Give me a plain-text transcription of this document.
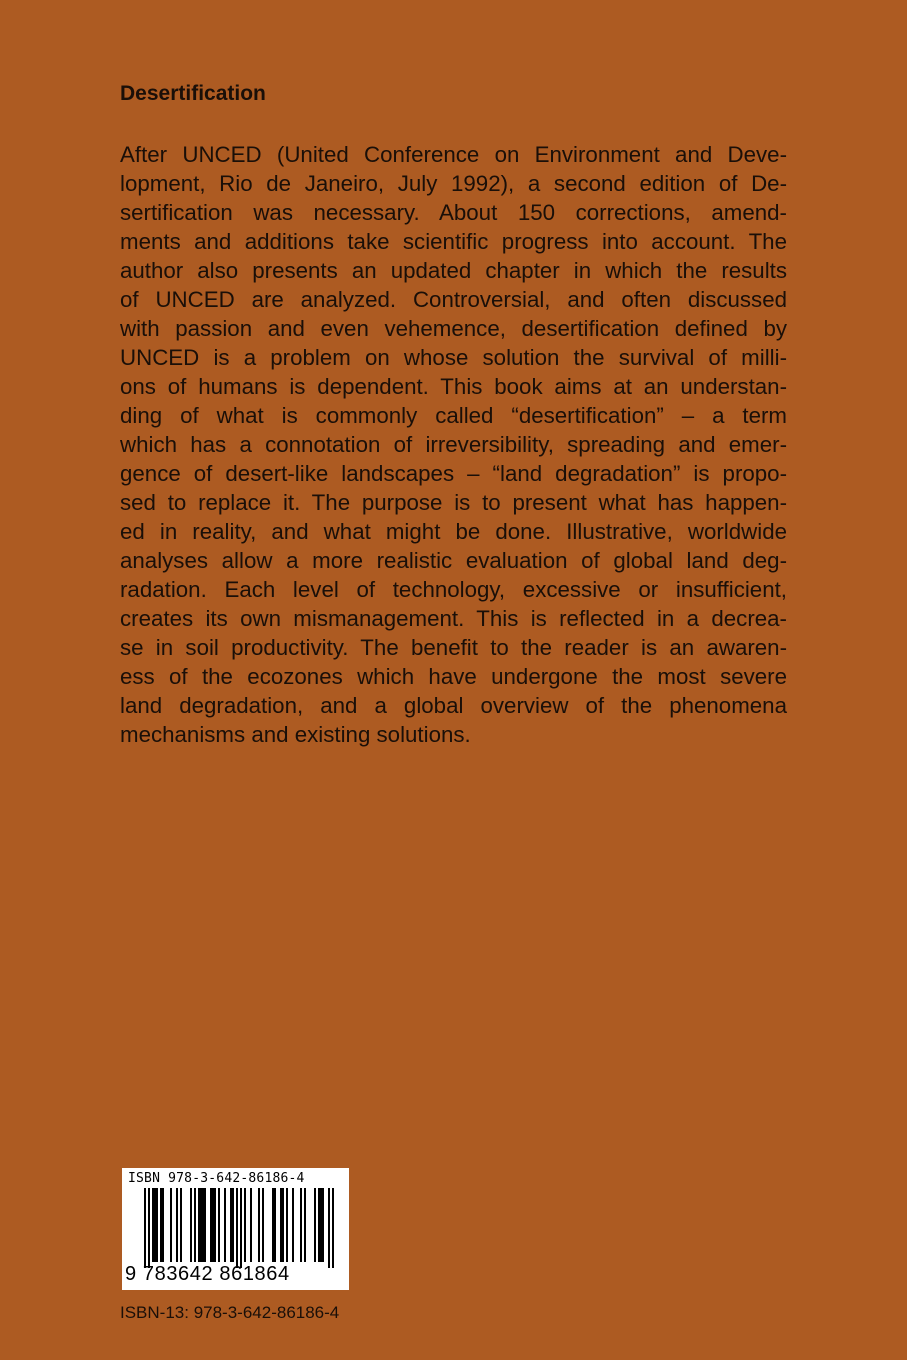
Desertification
After UNCED (United Conference on Environment and Deve-
lopment, Rio de Janeiro, July 1992), a second edition of De-
sertification was necessary. About 150 corrections, amend-
ments and additions take scientific progress into account. The
author also presents an updated chapter in which the results
of UNCED are analyzed. Controversial, and often discussed
with passion and even vehemence, desertification defined by
UNCED is a problem on whose solution the survival of milli-
ons of humans is dependent. This book aims at an understan-
ding of what is commonly called “desertification” – a term
which has a connotation of irreversibility, spreading and emer-
gence of desert-like landscapes – “land degradation” is propo-
sed to replace it. The purpose is to present what has happen-
ed in reality, and what might be done. Illustrative, worldwide
analyses allow a more realistic evaluation of global land deg-
radation. Each level of technology, excessive or insufficient,
creates its own mismanagement. This is reflected in a decrea-
se in soil productivity. The benefit to the reader is an awaren-
ess of the ecozones which have undergone the most severe
land degradation, and a global overview of the phenomena
mechanisms and existing solutions.
ISBN 978-3-642-86186-4
9 783642 861864
ISBN-13: 978-3-642-86186-4
